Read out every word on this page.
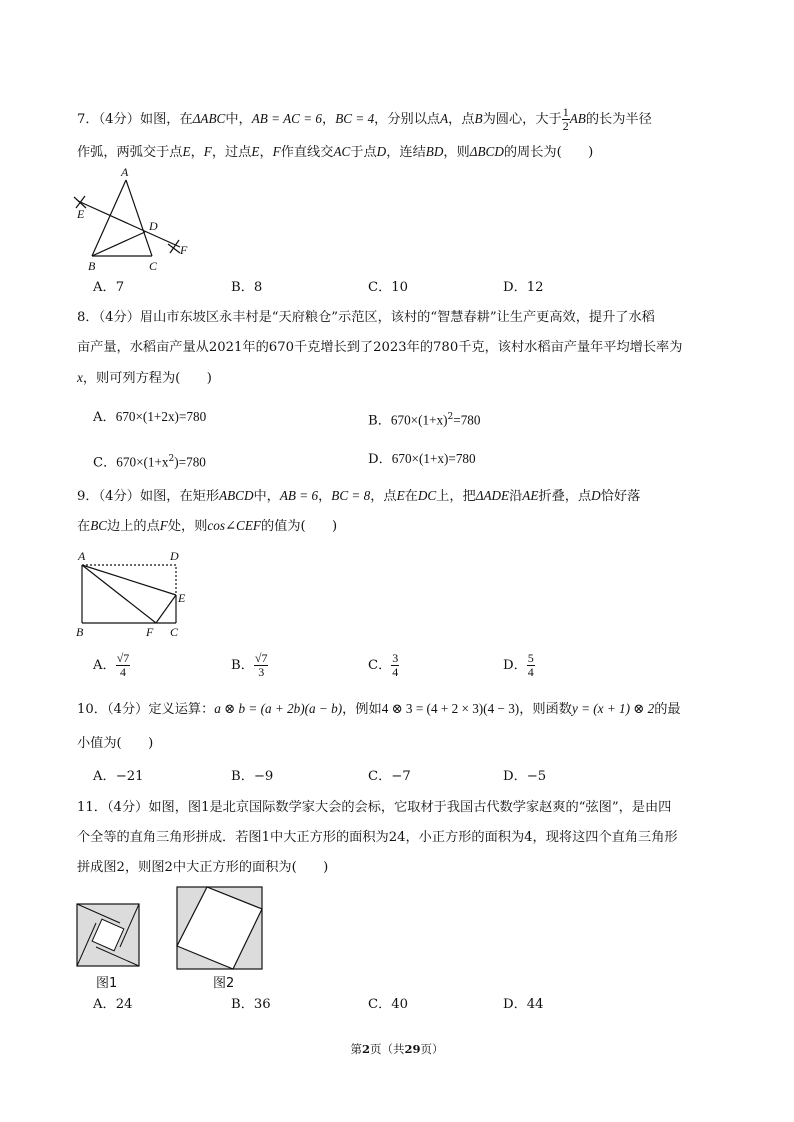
7．（4分）如图，在ΔABC中，AB = AC = 6，BC = 4，分别以点A，点B为圆心，大于 $\frac{1}{2}$ AB的长为半径
作弧，两弧交于点E，F，过点E，F作直线交AC于点D，连结BD，则ΔBCD的周长为(　　)
A
E
D
F
B	C
A．7	B．8	C．10	D．12
8．（4分）眉山市东坡区永丰村是“天府粮仓”示范区，该村的“智慧春耕”让生产更高效，提升了水稻
亩产量，水稻亩产量从2021年的670千克增长到了2023年的780千克，该村水稻亩产量年平均增长率为
x，则可列方程为(　　)
A．670×(1+2x)=780	B．$670\times(1+x)^2=780$
C．$670\times(1+x^2)=780$	D．670×(1+x)=780
9．（4分）如图，在矩形ABCD中，AB = 6，BC = 8，点E在DC上，把ΔADE沿AE折叠，点D恰好落
在BC边上的点F处，则cos∠CEF的值为(　　)
A	D
E
B	F C
A． $\frac{√7}{4}$	B． $\frac{√7}{3}$	C． $\frac{3}{4}$	D． $\frac{5}{4}$
10．（4分）定义运算：a ⊗ b = (a + 2b)(a − b)，例如4 ⊗ 3 = (4 + 2 × 3)(4 − 3)，则函数y = (x + 1) ⊗ 2的最
小值为(　　)
A．−21	B．−9	C．−7	D．−5
11．（4分）如图，图1是北京国际数学家大会的会标，它取材于我国古代数学家赵爽的“弦图”，是由四
个全等的直角三角形拼成．若图1中大正方形的面积为24，小正方形的面积为4，现将这四个直角三角形
拼成图2，则图2中大正方形的面积为(　　)
图1	图2
A．24	B．36	C．40	D．44
第2页（共29页）
